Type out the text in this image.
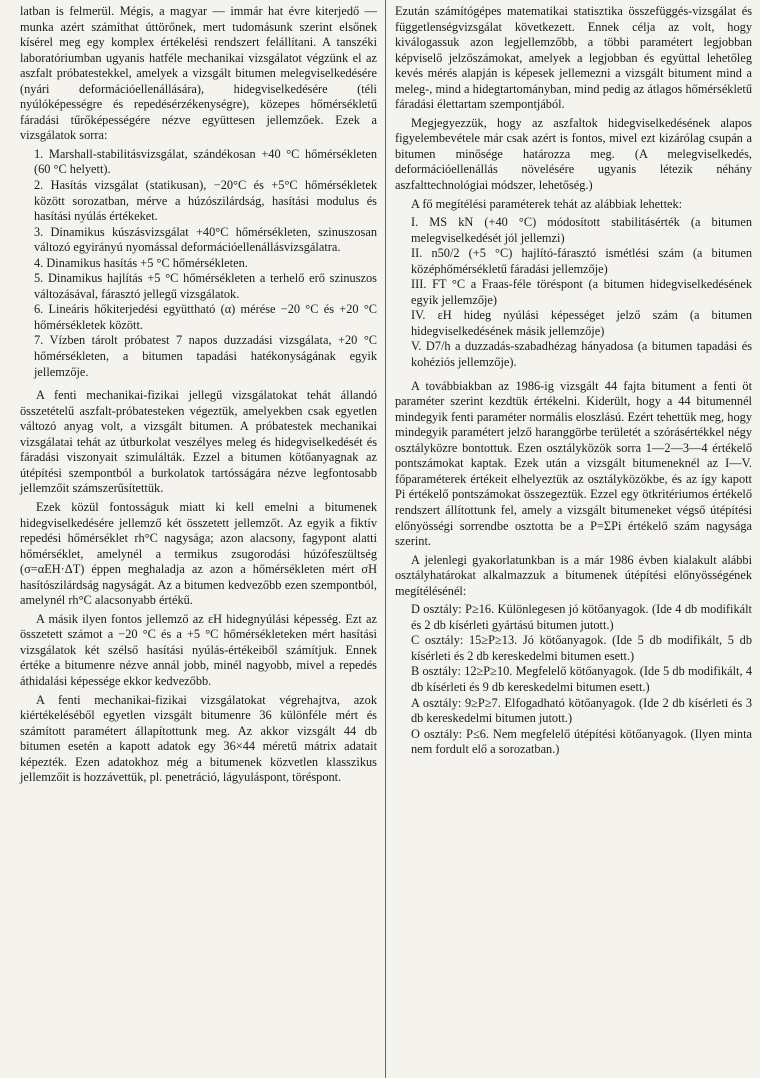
latban is felmerül. Mégis, a magyar — immár hat évre kiterjedő — munka azért számíthat úttörőnek, mert tudomásunk szerint elsőnek kísérel meg egy komplex értékelési rendszert felállítani. A tanszéki laboratóriumban ugyanis hatféle mechanikai vizsgálatot végzünk el az aszfalt próbatestekkel, amelyek a vizsgált bitumen melegviselkedésére (nyári deformációellenállására), hidegviselkedésére (téli nyúlóképességre és repedésérzékenységre), közepes hőmérsékletű fáradási tűrőképességére nézve együttesen jellemzőek. Ezek a vizsgálatok sorra:

1. Marshall-stabilitásvizsgálat, szándékosan +40 °C hőmérsékleten (60 °C helyett).
2. Hasítás vizsgálat (statikusan), −20°C és +5°C hőmérsékletek között sorozatban, mérve a húzószilárdság, hasítási modulus és hasítási nyúlás értékeket.
3. Dinamikus kúszásvizsgálat +40°C hőmérsékleten, szinuszosan változó egyirányú nyomással deformációellenállásvizsgálatra.
4. Dinamikus hasítás +5 °C hőmérsékleten.
5. Dinamikus hajlítás +5 °C hőmérsékleten a terhelő erő szinuszos változásával, fárasztó jellegű vizsgálatok.
6. Lineáris hőkiterjedési együttható (α) mérése −20 °C és +20 °C hőmérsékletek között.
7. Vízben tárolt próbatest 7 napos duzzadási vizsgálata, +20 °C hőmérsékleten, a bitumen tapadási hatékonyságának egyik jellemzője.

A fenti mechanikai-fizikai jellegű vizsgálatokat tehát állandó összetételű aszfalt-próbatesteken végeztük, amelyekben csak egyetlen változó anyag volt, a vizsgált bitumen. A próbatestek mechanikai vizsgálatai tehát az útburkolat veszélyes meleg és hidegviselkedését és fáradási viszonyait szimulálták. Ezzel a bitumen kötőanyagnak az útépítési szempontból a burkolatok tartósságára nézve legfontosabb jellemzőit számszerűsítettük.

Ezek közül fontosságuk miatt ki kell emelni a bitumenek hidegviselkedésére jellemző két összetett jellemzőt. Az egyik a fiktív repedési hőmérséklet rh°C nagysága; azon alacsony, fagypont alatti hőmérséklet, amelynél a termikus zsugorodási húzófeszültség (σ=αEH·ΔT) éppen meghaladja az azon a hőmérsékleten mért σH hasítószilárdság nagyságát. Az a bitumen kedvezőbb ezen szempontból, amelynél rh°C alacsonyabb értékű.

A másik ilyen fontos jellemző az εH hidegnyúlási képesség. Ezt az összetett számot a −20 °C és a +5 °C hőmérsékleteken mért hasítási vizsgálatok két szélső hasítási nyúlás-értékeiből számítjuk. Ennek értéke a bitumenre nézve annál jobb, minél nagyobb, mivel a repedés áthidalási képessége ekkor kedvezőbb.

A fenti mechanikai-fizikai vizsgálatokat végrehajtva, azok kiértékeléséből egyetlen vizsgált bitumenre 36 különféle mért és számított paramétert állapítottunk meg. Az akkor vizsgált 44 db bitumen esetén a kapott adatok egy 36×44 méretű mátrix adatait képezték. Ezen adatokhoz még a bitumenek közvetlen klasszikus jellemzőit is hozzávettük, pl. penetráció, lágyuláspont, töréspont.

Ezután számítógépes matematikai statisztika összefüggés-vizsgálat és függetlenségvizsgálat következett. Ennek célja az volt, hogy kiválogassuk azon legjellemzőbb, a többi paramétert legjobban képviselő jelzőszámokat, amelyek a legjobban és együttal lehetőleg kevés mérés alapján is képesek jellemezni a vizsgált bitument mind a meleg-, mind a hidegtartományban, mind pedig az átlagos hőmérsékletű fáradási élettartam szempontjából.

Megjegyezzük, hogy az aszfaltok hidegviselkedésének alapos figyelembevétele már csak azért is fontos, mivel ezt kizárólag csupán a bitumen minősége határozza meg. (A melegviselkedés, deformációellenállás növelésére ugyanis létezik néhány aszfalttechnológiai módszer, lehetőség.)

A fő megítélési paraméterek tehát az alábbiak lehettek:

I. MS kN (+40 °C) módosított stabilitásérték (a bitumen melegviselkedését jól jellemzi)
II. n50/2 (+5 °C) hajlító-fárasztó ismétlési szám (a bitumen középhőmérsékletű fáradási jellemzője)
III. FT °C a Fraas-féle töréspont (a bitumen hidegviselkedésének egyik jellemzője)
IV. εH hideg nyúlási képességet jelző szám (a bitumen hidegviselkedésének másik jellemzője)
V. D7/h a duzzadás-szabadhézag hányadosa (a bitumen tapadási és kohéziós jellemzője).

A továbbiakban az 1986-ig vizsgált 44 fajta bitument a fenti öt paraméter szerint kezdtük értékelni. Kiderült, hogy a 44 bitumennél mindegyik fenti paraméter normális eloszlású. Ezért tehettük meg, hogy mindegyik paramétert jelző haranggörbe területét a szórásértékkel négy osztályközre bontottuk. Ezen osztályközök sorra 1—2—3—4 értékelő pontszámokat kaptak. Ezek után a vizsgált bitumeneknél az I—V. főparaméterek értékeit elhelyeztük az osztályközökbe, és az így kapott Pi értékelő pontszámokat összegeztük. Ezzel egy ötkritériumos értékelő rendszert állítottunk fel, amely a vizsgált bitumeneket végső útépítési előnyösségi sorrendbe osztotta be a P=ΣPi értékelő szám nagysága szerint.

A jelenlegi gyakorlatunkban is a már 1986 évben kialakult alábbi osztályhatárokat alkalmazzuk a bitumenek útépítési előnyösségének megítélésénél:

D osztály: P≥16. Különlegesen jó kötőanyagok. (Ide 4 db modifikált és 2 db kísérleti gyártású bitumen jutott.)
C osztály: 15≥P≥13. Jó kötőanyagok. (Ide 5 db modifikált, 5 db kísérleti és 2 db kereskedelmi bitumen esett.)
B osztály: 12≥P≥10. Megfelelő kötőanyagok. (Ide 5 db modifikált, 4 db kísérleti és 9 db kereskedelmi bitumen esett.)
A osztály: 9≥P≥7. Elfogadható kötőanyagok. (Ide 2 db kísérleti és 3 db kereskedelmi bitumen jutott.)
O osztály: P≤6. Nem megfelelő útépítési kötőanyagok. (Ilyen minta nem fordult elő a sorozatban.)
